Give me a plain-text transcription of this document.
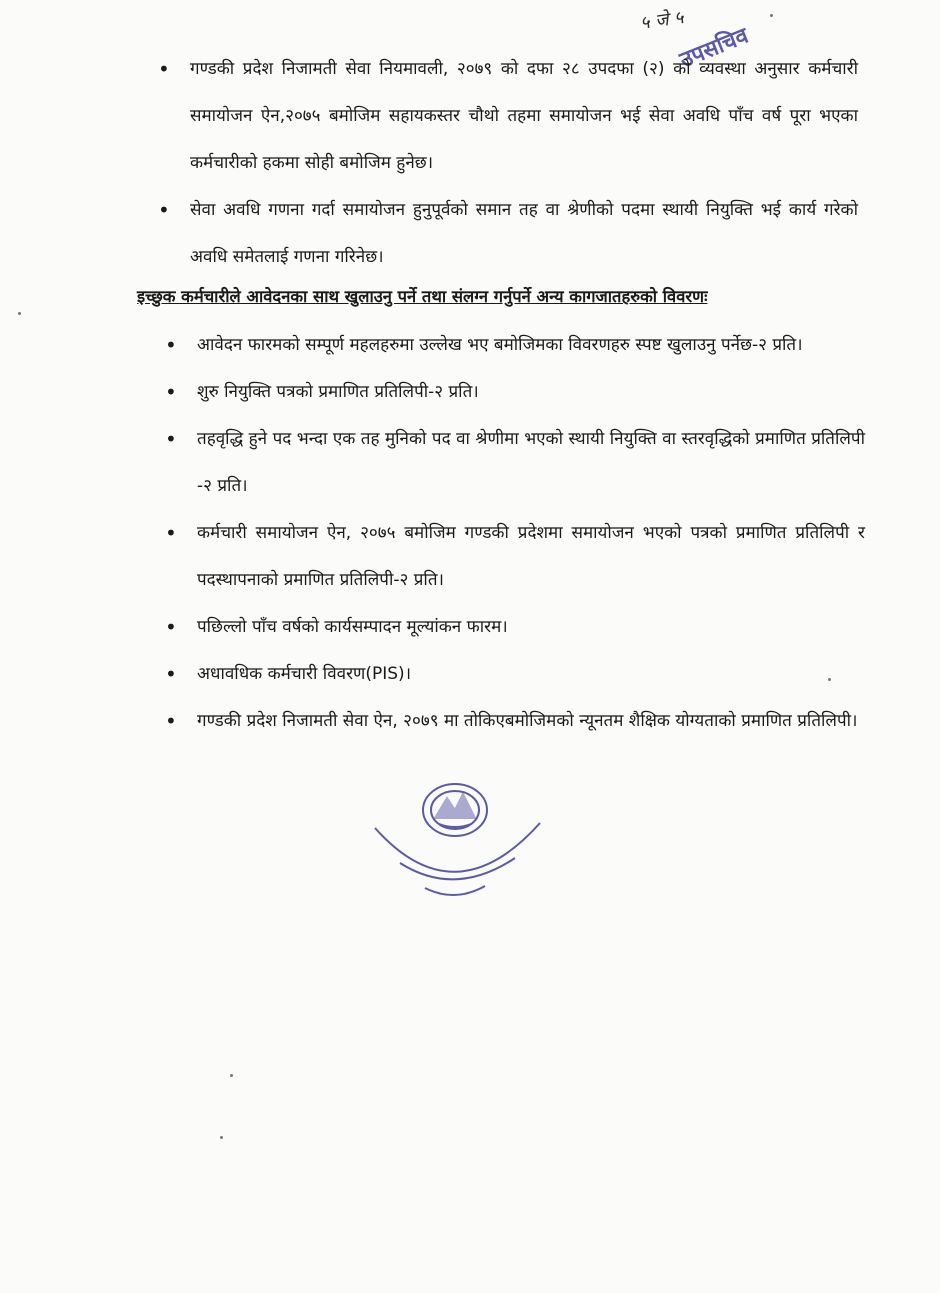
५ जे ५
उपसचिव
• गण्डकी प्रदेश निजामती सेवा नियमावली, २०७९ को दफा २८ उपदफा (२) को व्यवस्था अनुसार कर्मचारी समायोजन ऐन,२०७५ बमोजिम सहायकस्तर चौथो तहमा समायोजन भई सेवा अवधि पाँच वर्ष पूरा भएका कर्मचारीको हकमा सोही बमोजिम हुनेछ।
• सेवा अवधि गणना गर्दा समायोजन हुनुपूर्वको समान तह वा श्रेणीको पदमा स्थायी नियुक्ति भई कार्य गरेको अवधि समेतलाई गणना गरिनेछ।
इच्छुक कर्मचारीले आवेदनका साथ खुलाउनु पर्ने तथा संलग्न गर्नुपर्ने अन्य कागजातहरुको विवरणः
• आवेदन फारमको सम्पूर्ण महलहरुमा उल्लेख भए बमोजिमका विवरणहरु स्पष्ट खुलाउनु पर्नेछ-२ प्रति।
• शुरु नियुक्ति पत्रको प्रमाणित प्रतिलिपी-२ प्रति।
• तहवृद्धि हुने पद भन्दा एक तह मुनिको पद वा श्रेणीमा भएको स्थायी नियुक्ति वा स्तरवृद्धिको प्रमाणित प्रतिलिपी -२ प्रति।
• कर्मचारी समायोजन ऐन, २०७५ बमोजिम गण्डकी प्रदेशमा समायोजन भएको पत्रको प्रमाणित प्रतिलिपी र पदस्थापनाको प्रमाणित प्रतिलिपी-२ प्रति।
• पछिल्लो पाँच वर्षको कार्यसम्पादन मूल्यांकन फारम।
• अधावधिक कर्मचारी विवरण(PIS)।
• गण्डकी प्रदेश निजामती सेवा ऐन, २०७९ मा तोकिएबमोजिमको न्यूनतम शैक्षिक योग्यताको प्रमाणित प्रतिलिपी।
